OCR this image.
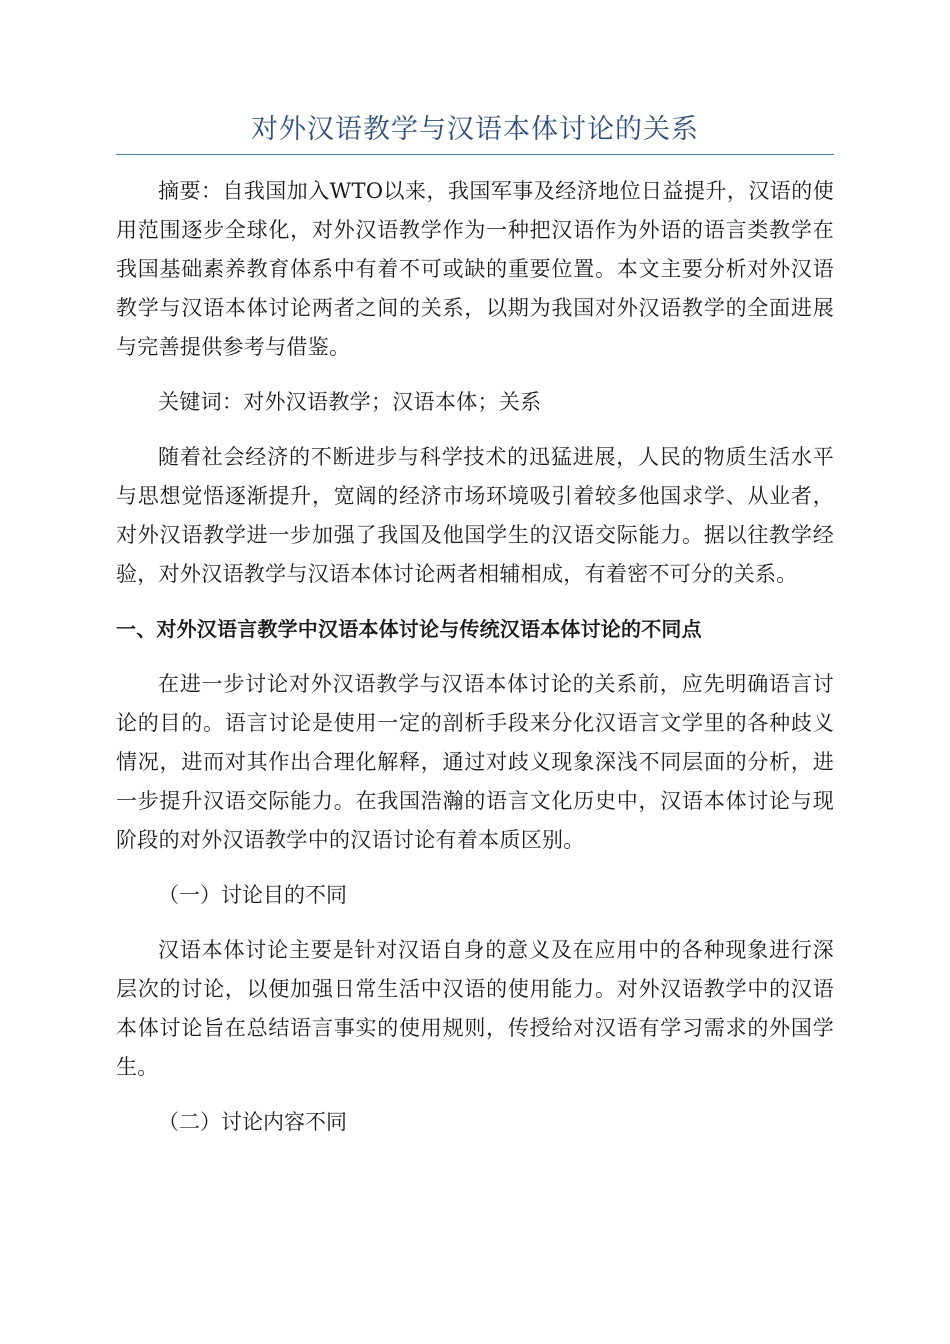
对外汉语教学与汉语本体讨论的关系

摘要：自我国加入WTO以来，我国军事及经济地位日益提升，汉语的使用范围逐步全球化，对外汉语教学作为一种把汉语作为外语的语言类教学在我国基础素养教育体系中有着不可或缺的重要位置。本文主要分析对外汉语教学与汉语本体讨论两者之间的关系，以期为我国对外汉语教学的全面进展与完善提供参考与借鉴。

关键词：对外汉语教学；汉语本体；关系

随着社会经济的不断进步与科学技术的迅猛进展，人民的物质生活水平与思想觉悟逐渐提升，宽阔的经济市场环境吸引着较多他国求学、从业者，对外汉语教学进一步加强了我国及他国学生的汉语交际能力。据以往教学经验，对外汉语教学与汉语本体讨论两者相辅相成，有着密不可分的关系。

一、对外汉语言教学中汉语本体讨论与传统汉语本体讨论的不同点

在进一步讨论对外汉语教学与汉语本体讨论的关系前，应先明确语言讨论的目的。语言讨论是使用一定的剖析手段来分化汉语言文学里的各种歧义情况，进而对其作出合理化解释，通过对歧义现象深浅不同层面的分析，进一步提升汉语交际能力。在我国浩瀚的语言文化历史中，汉语本体讨论与现阶段的对外汉语教学中的汉语讨论有着本质区别。

（一）讨论目的不同

汉语本体讨论主要是针对汉语自身的意义及在应用中的各种现象进行深层次的讨论，以便加强日常生活中汉语的使用能力。对外汉语教学中的汉语本体讨论旨在总结语言事实的使用规则，传授给对汉语有学习需求的外国学生。

（二）讨论内容不同
